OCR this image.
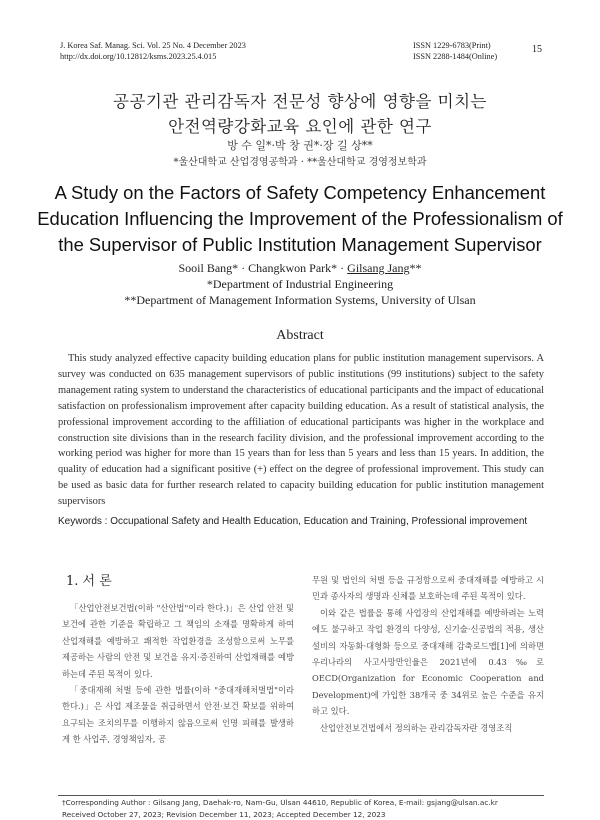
J. Korea Saf. Manag. Sci. Vol. 25 No. 4 December 2023
http://dx.doi.org/10.12812/ksms.2023.25.4.015
ISSN 1229-6783(Print)
ISSN 2288-1484(Online)
15
공공기관 관리감독자 전문성 향상에 영향을 미치는
안전역량강화교육 요인에 관한 연구
방 수 일*·박 창 권*·장 길 상**
*울산대학교 산업경영공학과 · **울산대학교 경영정보학과
A Study on the Factors of Safety Competency Enhancement
Education Influencing the Improvement of the Professionalism of
the Supervisor of Public Institution Management Supervisor
Sooil Bang* · Changkwon Park* · Gilsang Jang**
*Department of Industrial Engineering
**Department of Management Information Systems, University of Ulsan
Abstract

This study analyzed effective capacity building education plans for public institution management supervisors. A survey was conducted on 635 management supervisors of public institutions (99 institutions) subject to the safety management rating system to understand the characteristics of educational participants and the impact of educational satisfaction on professionalism improvement after capacity building education. As a result of statistical analysis, the professional improvement according to the affiliation of educational participants was higher in the workplace and construction site divisions than in the research facility division, and the professional improvement according to the working period was higher for more than 15 years than for less than 5 years and less than 15 years. In addition, the quality of education had a significant positive (+) effect on the degree of professional improvement. This study can be used as basic data for further research related to capacity building education for public institution management supervisors

Keywords : Occupational Safety and Health Education, Education and Training, Professional improvement
1. 서 론

「산업안전보건법(이하 "산안법"이라 한다.)」은 산업 안전 및 보건에 관한 기준을 확립하고 그 책임의 소재를 명확하게 하여 산업재해를 예방하고 쾌적한 작업환경을 조성함으로써 노무를 제공하는 사람의 안전 및 보건을 유지·증진하여 산업재해를 예방하는데 주된 목적이 있다.

「중대재해 처벌 등에 관한 법률(이하 "중대재해처벌법"이라 한다.)」은 사업 제조물을 취급하면서 안전·보건 확보를 위하여 요구되는 조치의무를 이행하지 않음으로써 인명 피해를 발생하게 한 사업주, 경영책임자, 공

무원 및 법인의 처벌 등을 규정함으로써 중대재해를 예방하고 시민과 종사자의 생명과 신체를 보호하는데 주된 목적이 있다.

이와 같은 법률을 통해 사업장의 산업재해를 예방하려는 노력에도 불구하고 작업 환경의 다양성, 신기술·신공법의 적용, 생산설비의 자동화·대형화 등으로 중대재해 감축로드맵[1]에 의하면 우리나라의 사고사망만인율은 2021년에 0.43‰로 OECD(Organization for Economic Cooperation and Development)에 가입한 38개국 중 34위로 높은 수준을 유지하고 있다.

산업안전보건법에서 정의하는 관리감독자란 경영조직

†Corresponding Author : Gilsang Jang, Daehak-ro, Nam-Gu, Ulsan 44610, Republic of Korea, E-mail: gsjang@ulsan.ac.kr
Received October 27, 2023; Revision December 11, 2023; Accepted December 12, 2023
